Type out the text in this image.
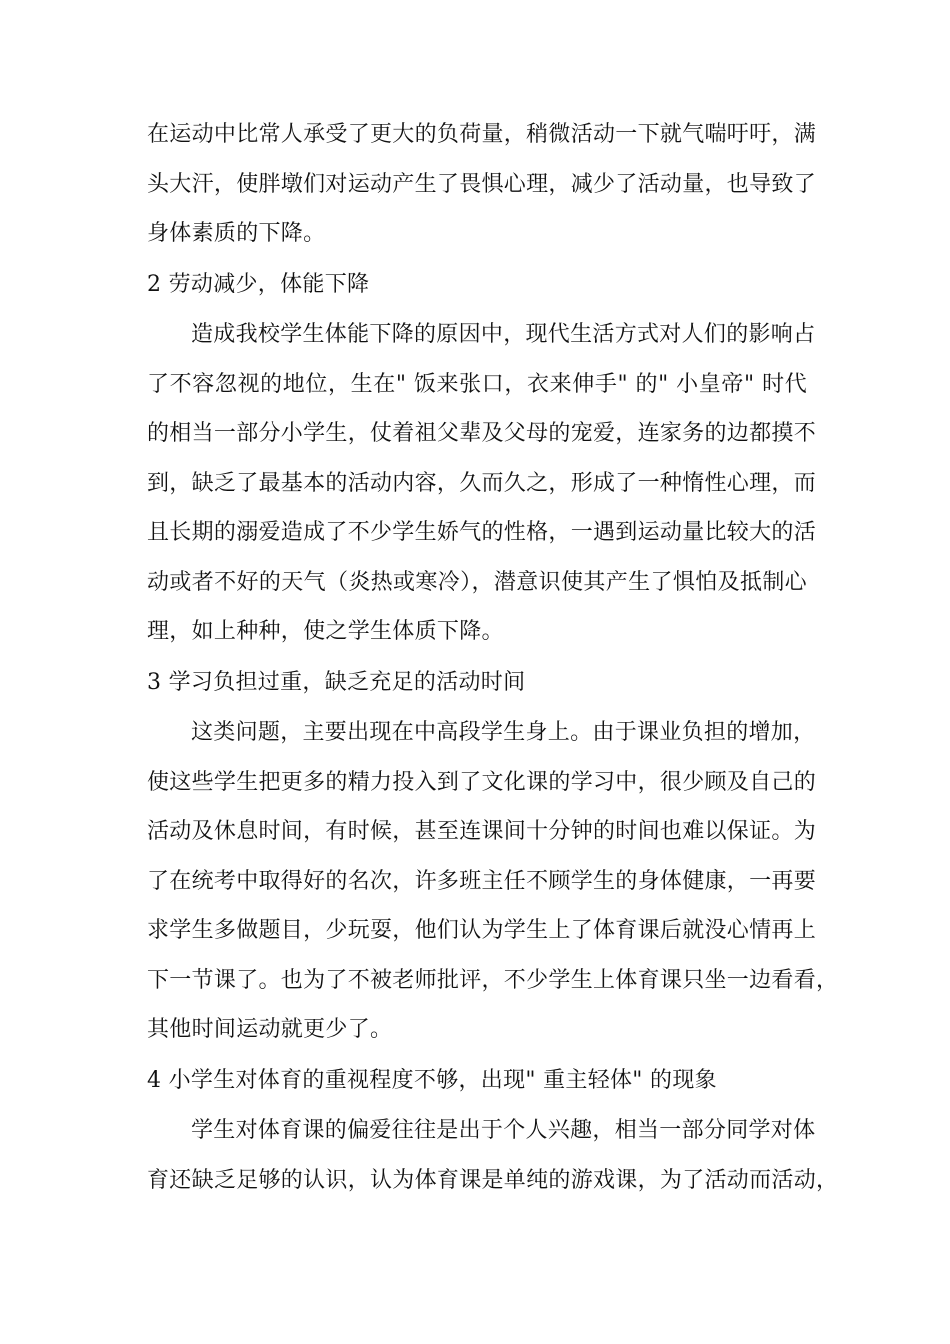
在运动中比常人承受了更大的负荷量，稍微活动一下就气喘吁吁，满
头大汗，使胖墩们对运动产生了畏惧心理，减少了活动量，也导致了
身体素质的下降。
2 劳动减少，体能下降
造成我校学生体能下降的原因中，现代生活方式对人们的影响占
了不容忽视的地位，生在" 饭来张口，衣来伸手" 的" 小皇帝" 时代
的相当一部分小学生，仗着祖父辈及父母的宠爱，连家务的边都摸不
到，缺乏了最基本的活动内容，久而久之，形成了一种惰性心理，而
且长期的溺爱造成了不少学生娇气的性格，一遇到运动量比较大的活
动或者不好的天气（炎热或寒冷），潜意识使其产生了惧怕及抵制心
理，如上种种，使之学生体质下降。
3 学习负担过重，缺乏充足的活动时间
这类问题，主要出现在中高段学生身上。由于课业负担的增加，
使这些学生把更多的精力投入到了文化课的学习中，很少顾及自己的
活动及休息时间，有时候，甚至连课间十分钟的时间也难以保证。为
了在统考中取得好的名次，许多班主任不顾学生的身体健康，一再要
求学生多做题目，少玩耍，他们认为学生上了体育课后就没心情再上
下一节课了。也为了不被老师批评，不少学生上体育课只坐一边看看，
其他时间运动就更少了。
4 小学生对体育的重视程度不够，出现" 重主轻体" 的现象
学生对体育课的偏爱往往是出于个人兴趣，相当一部分同学对体
育还缺乏足够的认识，认为体育课是单纯的游戏课，为了活动而活动，
